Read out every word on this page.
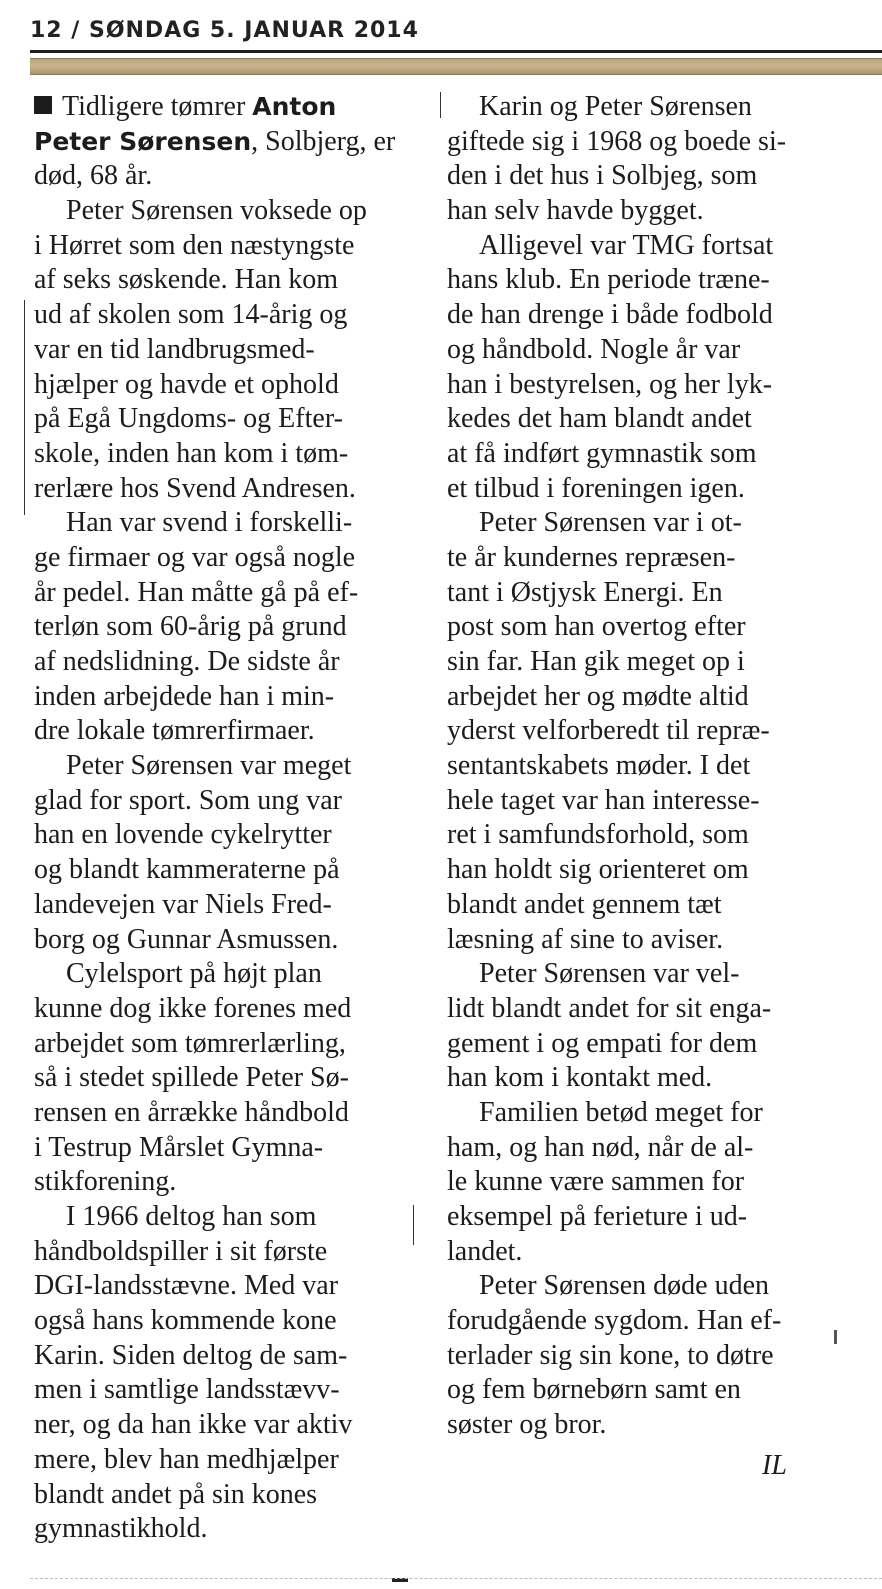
12 / SØNDAG 5. JANUAR 2014
Tidligere tømrer Anton
Peter Sørensen, Solbjerg, er
død, 68 år.
Peter Sørensen voksede op
i Hørret som den næstyngste
af seks søskende. Han kom
ud af skolen som 14-årig og
var en tid landbrugsmed-
hjælper og havde et ophold
på Egå Ungdoms- og Efter-
skole, inden han kom i tøm-
rerlære hos Svend Andresen.
Han var svend i forskelli-
ge firmaer og var også nogle
år pedel. Han måtte gå på ef-
terløn som 60-årig på grund
af nedslidning. De sidste år
inden arbejdede han i min-
dre lokale tømrerfirmaer.
Peter Sørensen var meget
glad for sport. Som ung var
han en lovende cykelrytter
og blandt kammeraterne på
landevejen var Niels Fred-
borg og Gunnar Asmussen.
Cylelsport på højt plan
kunne dog ikke forenes med
arbejdet som tømrerlærling,
så i stedet spillede Peter Sø-
rensen en årrække håndbold
i Testrup Mårslet Gymna-
stikforening.
I 1966 deltog han som
håndboldspiller i sit første
DGI-landsstævne. Med var
også hans kommende kone
Karin. Siden deltog de sam-
men i samtlige landsstævv-
ner, og da han ikke var aktiv
mere, blev han medhjælper
blandt andet på sin kones
gymnastikhold.
Karin og Peter Sørensen
giftede sig i 1968 og boede si-
den i det hus i Solbjeg, som
han selv havde bygget.
Alligevel var TMG fortsat
hans klub. En periode træne-
de han drenge i både fodbold
og håndbold. Nogle år var
han i bestyrelsen, og her lyk-
kedes det ham blandt andet
at få indført gymnastik som
et tilbud i foreningen igen.
Peter Sørensen var i ot-
te år kundernes repræsen-
tant i Østjysk Energi. En
post som han overtog efter
sin far. Han gik meget op i
arbejdet her og mødte altid
yderst velforberedt til repræ-
sentantskabets møder. I det
hele taget var han interesse-
ret i samfundsforhold, som
han holdt sig orienteret om
blandt andet gennem tæt
læsning af sine to aviser.
Peter Sørensen var vel-
lidt blandt andet for sit enga-
gement i og empati for dem
han kom i kontakt med.
Familien betød meget for
ham, og han nød, når de al-
le kunne være sammen for
eksempel på ferieture i ud-
landet.
Peter Sørensen døde uden
forudgående sygdom. Han ef-
terlader sig sin kone, to døtre
og fem børnebørn samt en
søster og bror.
IL
